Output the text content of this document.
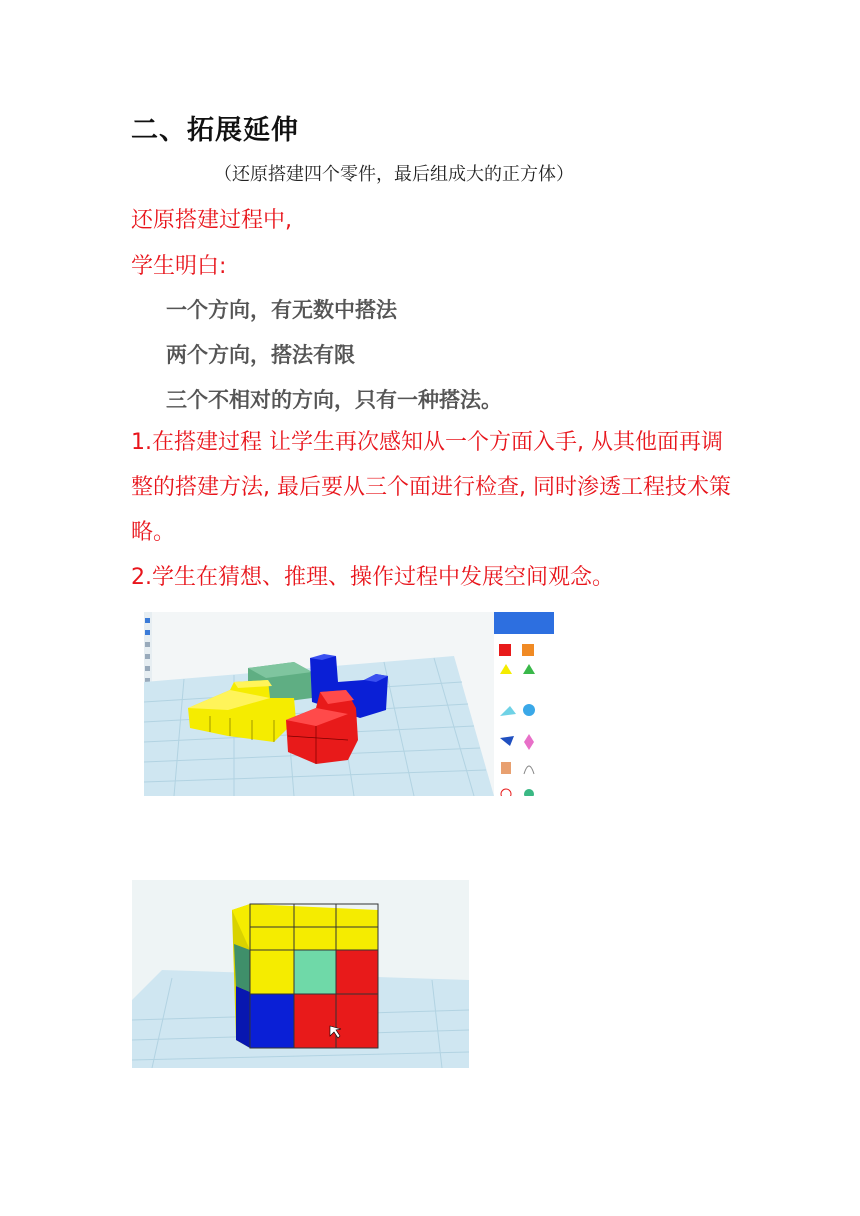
二、拓展延伸
（还原搭建四个零件，最后组成大的正方体）
还原搭建过程中,
学生明白:
一个方向，有无数中搭法
两个方向，搭法有限
三个不相对的方向，只有一种搭法。
1.在搭建过程 让学生再次感知从一个方面入手, 从其他面再调整的搭建方法, 最后要从三个面进行检查, 同时渗透工程技术策略。
2.学生在猜想、推理、操作过程中发展空间观念。
